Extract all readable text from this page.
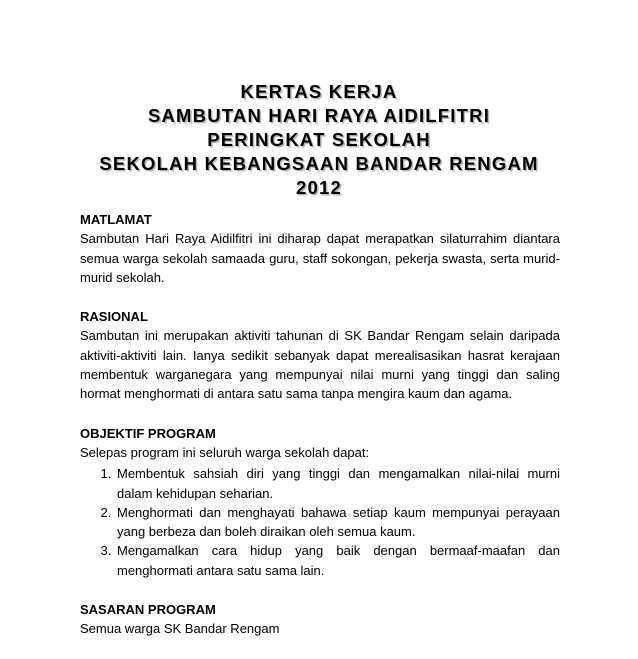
KERTAS KERJA
SAMBUTAN HARI RAYA AIDILFITRI
PERINGKAT SEKOLAH
SEKOLAH KEBANGSAAN BANDAR RENGAM
2012
MATLAMAT

Sambutan Hari Raya Aidilfitri ini diharap dapat merapatkan silaturrahim diantara semua warga sekolah samaada guru, staff sokongan, pekerja swasta, serta murid-murid sekolah.

RASIONAL

Sambutan ini merupakan aktiviti tahunan di SK Bandar Rengam selain daripada aktiviti-aktiviti lain. Ianya sedikit sebanyak dapat merealisasikan hasrat kerajaan membentuk warganegara yang mempunyai nilai murni yang tinggi dan saling hormat menghormati di antara satu sama tanpa mengira kaum dan agama.

OBJEKTIF PROGRAM
Selepas program ini seluruh warga sekolah dapat:
1. Membentuk sahsiah diri yang tinggi dan mengamalkan nilai-nilai murni dalam kehidupan seharian.
2. Menghormati dan menghayati bahawa setiap kaum mempunyai perayaan yang berbeza dan boleh diraikan oleh semua kaum.
3. Mengamalkan cara hidup yang baik dengan bermaaf-maafan dan menghormati antara satu sama lain.
SASARAN PROGRAM

Semua warga SK Bandar Rengam
